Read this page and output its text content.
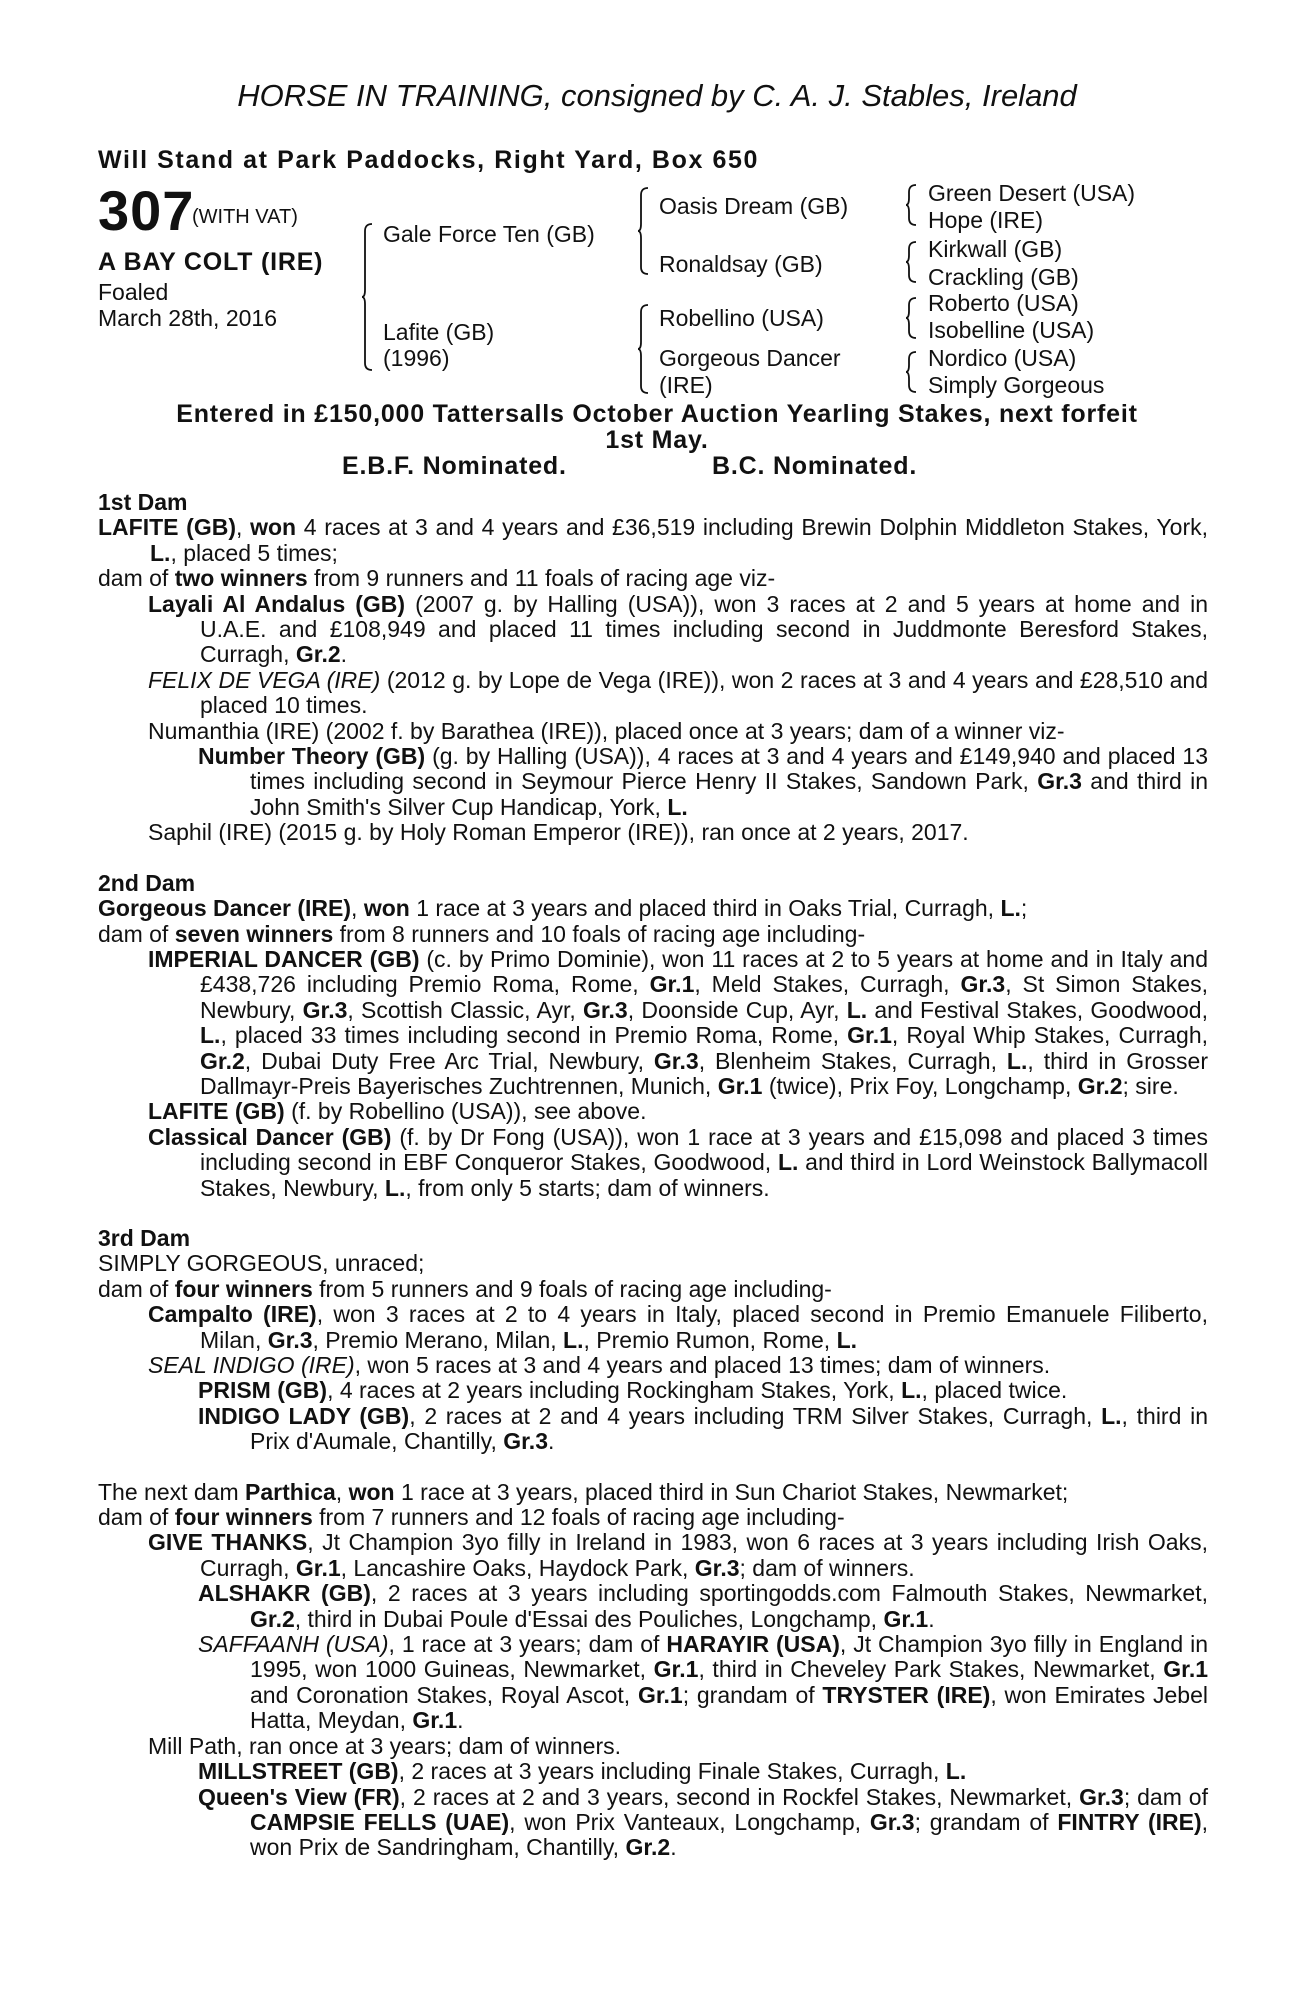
HORSE IN TRAINING, consigned by C. A. J. Stables, Ireland
Will Stand at Park Paddocks, Right Yard, Box 650
307
(WITH VAT)
A BAY COLT (IRE)
Foaled
March 28th, 2016
Gale Force Ten (GB)
Lafite (GB)
(1996)
Oasis Dream (GB)
Ronaldsay (GB)
Robellino (USA)
Gorgeous Dancer
(IRE)
Green Desert (USA)
Hope (IRE)
Kirkwall (GB)
Crackling (GB)
Roberto (USA)
Isobelline (USA)
Nordico (USA)
Simply Gorgeous
Entered in £150,000 Tattersalls October Auction Yearling Stakes, next forfeit
1st May.
E.B.F. Nominated.	B.C. Nominated.

1st Dam

LAFITE (GB), won 4 races at 3 and 4 years and £36,519 including Brewin Dolphin Middleton Stakes, York, L., placed 5 times;

dam of two winners from 9 runners and 11 foals of racing age viz-

Layali Al Andalus (GB) (2007 g. by Halling (USA)), won 3 races at 2 and 5 years at home and in U.A.E. and £108,949 and placed 11 times including second in Juddmonte Beresford Stakes, Curragh, Gr.2.

FELIX DE VEGA (IRE) (2012 g. by Lope de Vega (IRE)), won 2 races at 3 and 4 years and £28,510 and placed 10 times.

Numanthia (IRE) (2002 f. by Barathea (IRE)), placed once at 3 years; dam of a winner viz-

Number Theory (GB) (g. by Halling (USA)), 4 races at 3 and 4 years and £149,940 and placed 13 times including second in Seymour Pierce Henry II Stakes, Sandown Park, Gr.3 and third in John Smith's Silver Cup Handicap, York, L.

Saphil (IRE) (2015 g. by Holy Roman Emperor (IRE)), ran once at 2 years, 2017.

2nd Dam

Gorgeous Dancer (IRE), won 1 race at 3 years and placed third in Oaks Trial, Curragh, L.;

dam of seven winners from 8 runners and 10 foals of racing age including-

IMPERIAL DANCER (GB) (c. by Primo Dominie), won 11 races at 2 to 5 years at home and in Italy and £438,726 including Premio Roma, Rome, Gr.1, Meld Stakes, Curragh, Gr.3, St Simon Stakes, Newbury, Gr.3, Scottish Classic, Ayr, Gr.3, Doonside Cup, Ayr, L. and Festival Stakes, Goodwood, L., placed 33 times including second in Premio Roma, Rome, Gr.1, Royal Whip Stakes, Curragh, Gr.2, Dubai Duty Free Arc Trial, Newbury, Gr.3, Blenheim Stakes, Curragh, L., third in Grosser Dallmayr-Preis Bayerisches Zuchtrennen, Munich, Gr.1 (twice), Prix Foy, Longchamp, Gr.2; sire.

LAFITE (GB) (f. by Robellino (USA)), see above.

Classical Dancer (GB) (f. by Dr Fong (USA)), won 1 race at 3 years and £15,098 and placed 3 times including second in EBF Conqueror Stakes, Goodwood, L. and third in Lord Weinstock Ballymacoll Stakes, Newbury, L., from only 5 starts; dam of winners.

3rd Dam

SIMPLY GORGEOUS, unraced;

dam of four winners from 5 runners and 9 foals of racing age including-

Campalto (IRE), won 3 races at 2 to 4 years in Italy, placed second in Premio Emanuele Filiberto, Milan, Gr.3, Premio Merano, Milan, L., Premio Rumon, Rome, L.

SEAL INDIGO (IRE), won 5 races at 3 and 4 years and placed 13 times; dam of winners.

PRISM (GB), 4 races at 2 years including Rockingham Stakes, York, L., placed twice.

INDIGO LADY (GB), 2 races at 2 and 4 years including TRM Silver Stakes, Curragh, L., third in Prix d'Aumale, Chantilly, Gr.3.

The next dam Parthica, won 1 race at 3 years, placed third in Sun Chariot Stakes, Newmarket;

dam of four winners from 7 runners and 12 foals of racing age including-

GIVE THANKS, Jt Champion 3yo filly in Ireland in 1983, won 6 races at 3 years including Irish Oaks, Curragh, Gr.1, Lancashire Oaks, Haydock Park, Gr.3; dam of winners.

ALSHAKR (GB), 2 races at 3 years including sportingodds.com Falmouth Stakes, Newmarket, Gr.2, third in Dubai Poule d'Essai des Pouliches, Longchamp, Gr.1.

SAFFAANH (USA), 1 race at 3 years; dam of HARAYIR (USA), Jt Champion 3yo filly in England in 1995, won 1000 Guineas, Newmarket, Gr.1, third in Cheveley Park Stakes, Newmarket, Gr.1 and Coronation Stakes, Royal Ascot, Gr.1; grandam of TRYSTER (IRE), won Emirates Jebel Hatta, Meydan, Gr.1.

Mill Path, ran once at 3 years; dam of winners.

MILLSTREET (GB), 2 races at 3 years including Finale Stakes, Curragh, L.

Queen's View (FR), 2 races at 2 and 3 years, second in Rockfel Stakes, Newmarket, Gr.3; dam of CAMPSIE FELLS (UAE), won Prix Vanteaux, Longchamp, Gr.3; grandam of FINTRY (IRE), won Prix de Sandringham, Chantilly, Gr.2.
